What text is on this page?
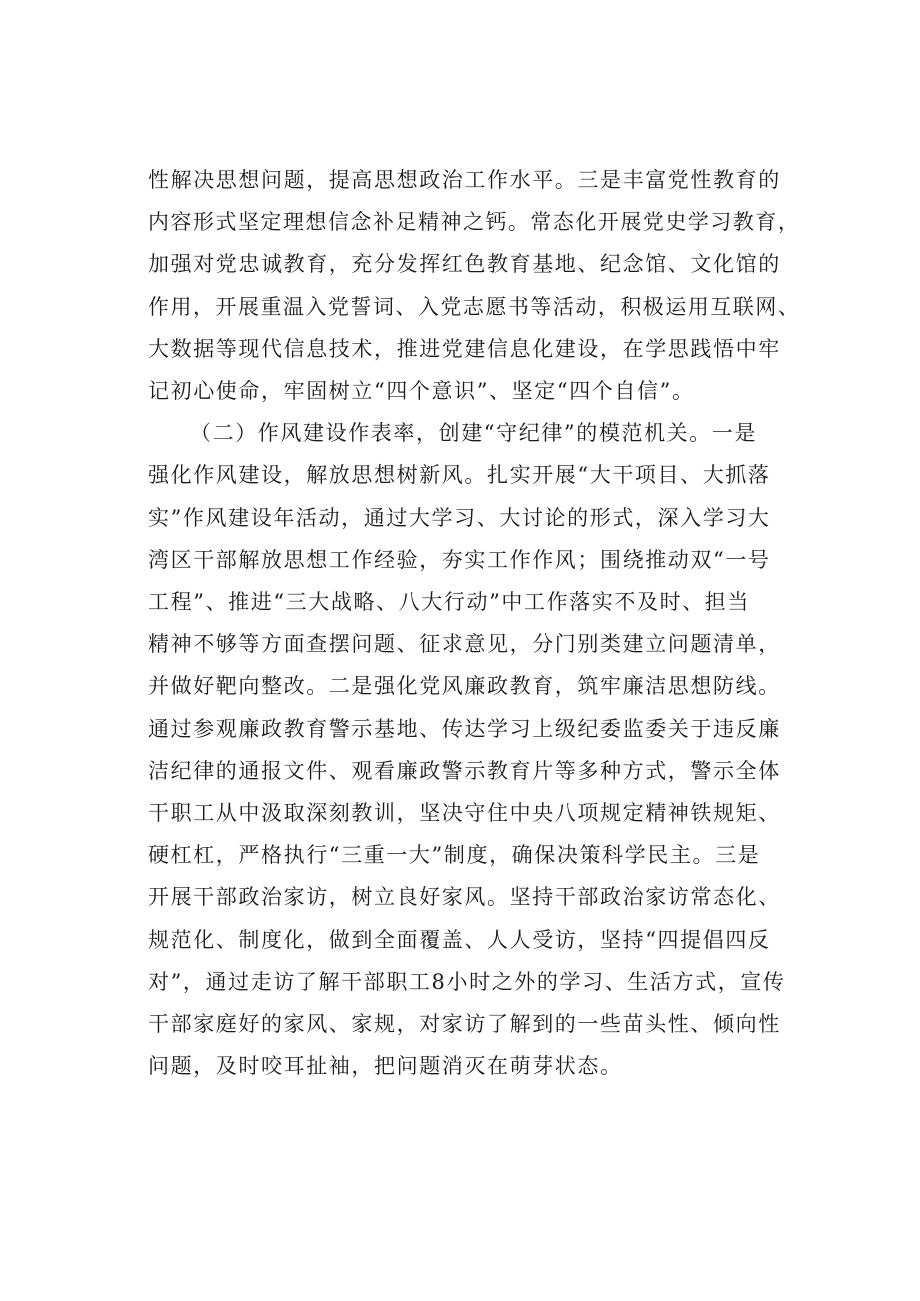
性解决思想问题，提高思想政治工作水平。三是丰富党性教育的
内容形式坚定理想信念补足精神之钙。常态化开展党史学习教育，
加强对党忠诚教育，充分发挥红色教育基地、纪念馆、文化馆的
作用，开展重温入党誓词、入党志愿书等活动，积极运用互联网、
大数据等现代信息技术，推进党建信息化建设，在学思践悟中牢
记初心使命，牢固树立“四个意识”、坚定“四个自信”。
（二）作风建设作表率，创建“守纪律”的模范机关。一是
强化作风建设，解放思想树新风。扎实开展“大干项目、大抓落
实”作风建设年活动，通过大学习、大讨论的形式，深入学习大
湾区干部解放思想工作经验，夯实工作作风；围绕推动双“一号
工程”、推进“三大战略、八大行动”中工作落实不及时、担当
精神不够等方面查摆问题、征求意见，分门别类建立问题清单，
并做好靶向整改。二是强化党风廉政教育，筑牢廉洁思想防线。
通过参观廉政教育警示基地、传达学习上级纪委监委关于违反廉
洁纪律的通报文件、观看廉政警示教育片等多种方式，警示全体
干职工从中汲取深刻教训，坚决守住中央八项规定精神铁规矩、
硬杠杠，严格执行“三重一大”制度，确保决策科学民主。三是
开展干部政治家访，树立良好家风。坚持干部政治家访常态化、
规范化、制度化，做到全面覆盖、人人受访，坚持“四提倡四反
对”，通过走访了解干部职工8小时之外的学习、生活方式，宣传
干部家庭好的家风、家规，对家访了解到的一些苗头性、倾向性
问题，及时咬耳扯袖，把问题消灭在萌芽状态。
